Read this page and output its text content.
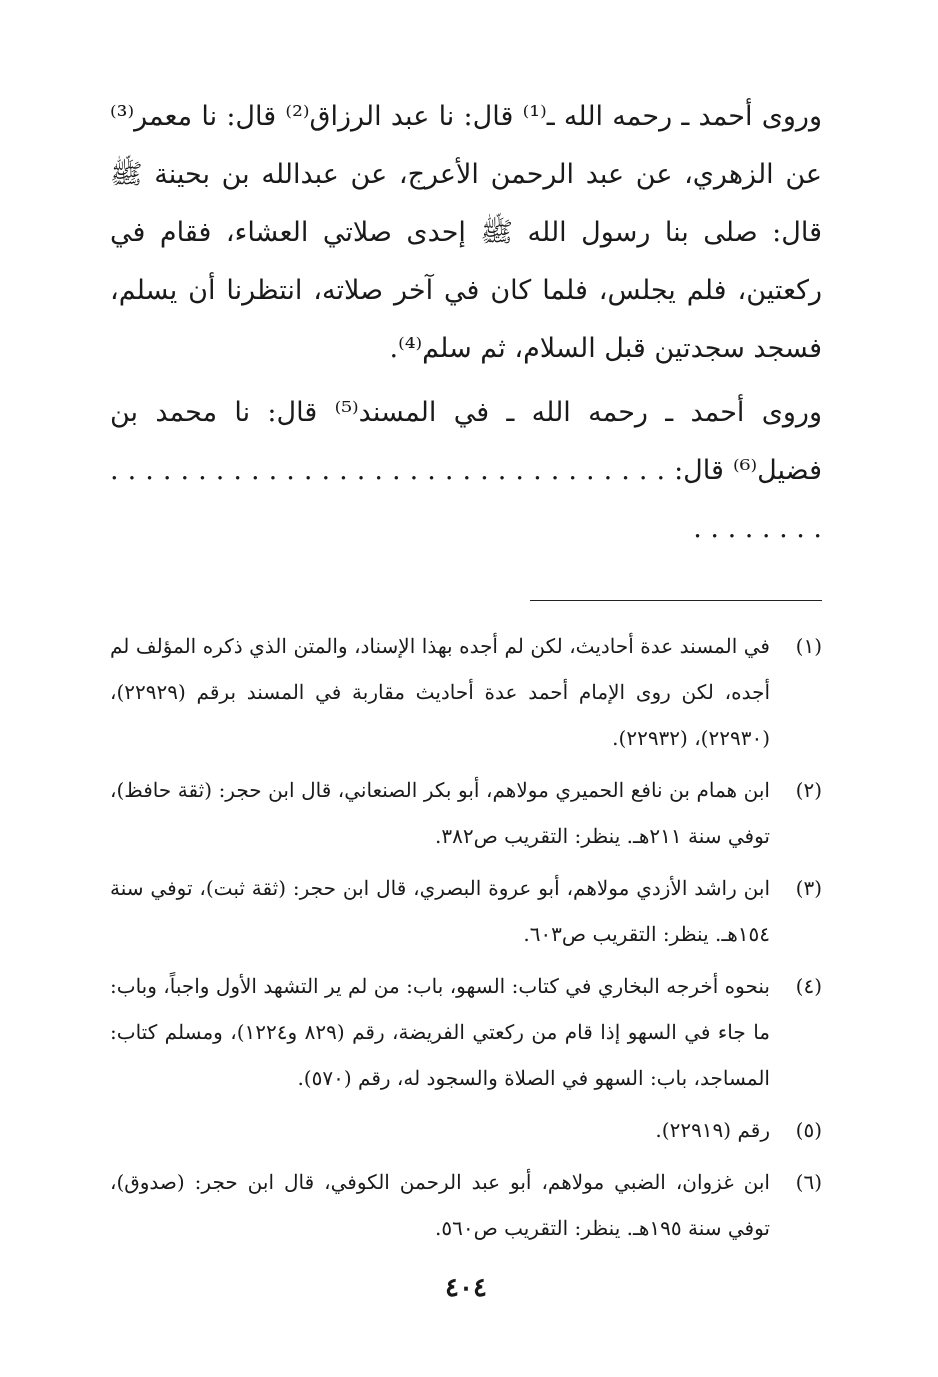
وروى أحمد ـ رحمه الله ـ⁽¹⁾ قال: نا عبد الرزاق⁽²⁾ قال: نا معمر⁽³⁾ عن الزهري، عن عبد الرحمن الأعرج، عن عبدالله بن بحينة ﷺ قال: صلى بنا رسول الله ﷺ إحدى صلاتي العشاء، فقام في ركعتين، فلم يجلس، فلما كان في آخر صلاته، انتظرنا أن يسلم، فسجد سجدتين قبل السلام، ثم سلم⁽⁴⁾.

وروى أحمد ـ رحمه الله ـ في المسند⁽⁵⁾ قال: نا محمد بن فضيل⁽⁶⁾ قال: . . . . . . . . . . . . . . . . . . . . . . . . . . . . . . . . . . . . . . . .

(١)
في المسند عدة أحاديث، لكن لم أجده بهذا الإسناد، والمتن الذي ذكره المؤلف لم أجده، لكن روى الإمام أحمد عدة أحاديث مقاربة في المسند برقم (٢٢٩٢٩)، (٢٢٩٣٠)، (٢٢٩٣٢).
(٢)
ابن همام بن نافع الحميري مولاهم، أبو بكر الصنعاني، قال ابن حجر: (ثقة حافظ)، توفي سنة ٢١١هـ. ينظر: التقريب ص٣٨٢.
(٣)
ابن راشد الأزدي مولاهم، أبو عروة البصري، قال ابن حجر: (ثقة ثبت)، توفي سنة ١٥٤هـ. ينظر: التقريب ص٦٠٣.
(٤)
بنحوه أخرجه البخاري في كتاب: السهو، باب: من لم ير التشهد الأول واجباً، وباب: ما جاء في السهو إذا قام من ركعتي الفريضة، رقم (٨٢٩ و١٢٢٤)، ومسلم كتاب: المساجد، باب: السهو في الصلاة والسجود له، رقم (٥٧٠).
(٥)
رقم (٢٢٩١٩).
(٦)
ابن غزوان، الضبي مولاهم، أبو عبد الرحمن الكوفي، قال ابن حجر: (صدوق)، توفي سنة ١٩٥هـ. ينظر: التقريب ص٥٦٠.
٤٠٤
